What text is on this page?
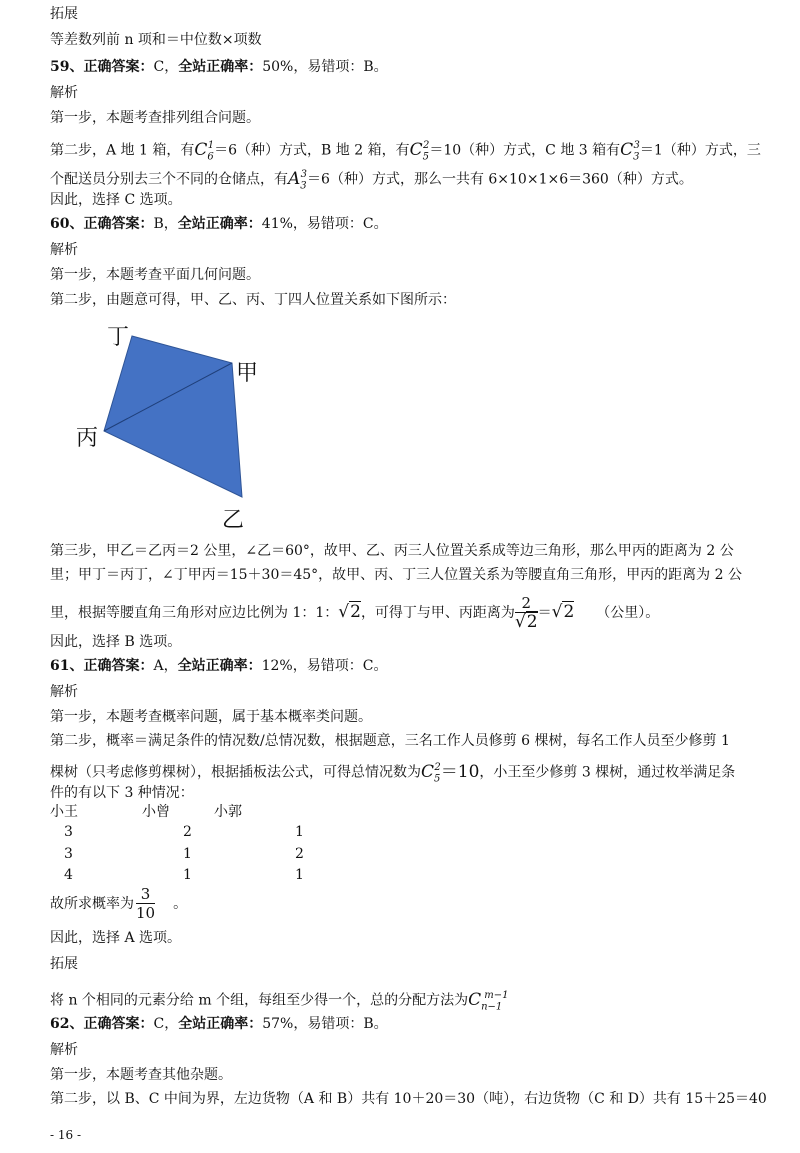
拓展
等差数列前 n 项和＝中位数×项数
59、正确答案：C，全站正确率：50%，易错项：B。
解析
第一步，本题考查排列组合问题。
第二步，A 地 1 箱，有$C_6^1=6$（种）方式，B 地 2 箱，有$C_5^2=10$（种）方式，C 地 3 箱有$C_3^3=1$（种）方式，三
个配送员分别去三个不同的仓储点，有$A_3^3=6$（种）方式，那么一共有 6×10×1×6＝360（种）方式。
因此，选择 C 选项。
60、正确答案：B，全站正确率：41%，易错项：C。
解析
第一步，本题考查平面几何问题。
第二步，由题意可得，甲、乙、丙、丁四人位置关系如下图所示：
丁
甲
丙
乙
第三步，甲乙＝乙丙＝2 公里，∠乙＝60°，故甲、乙、丙三人位置关系成等边三角形，那么甲丙的距离为 2 公
里；甲丁＝丙丁，∠丁甲丙＝15＋30＝45°，故甲、丙、丁三人位置关系为等腰直角三角形，甲丙的距离为 2 公
里，根据等腰直角三角形对应边比例为 1：1：√2，可得丁与甲、丙距离为 $\frac{2}{√2} =√2$ （公里）。
因此，选择 B 选项。
61、正确答案：A，全站正确率：12%，易错项：C。
解析
第一步，本题考查概率问题，属于基本概率类问题。
第二步，概率＝满足条件的情况数/总情况数，根据题意，三名工作人员修剪 6 棵树，每名工作人员至少修剪 1
棵树（只考虑修剪棵树），根据插板法公式，可得总情况数为$C_5^2=10$，小王至少修剪 3 棵树，通过枚举满足条
件的有以下 3 种情况：
小王	小曾	小郭
3	2	1
3	1	2
4	1	1
故所求概率为 $\frac{3}{10}$ 。
因此，选择 A 选项。
拓展
将 n 个相同的元素分给 m 个组，每组至少得一个，总的分配方法为$C_{n-1}^{m-1}$
62、正确答案：C，全站正确率：57%，易错项：B。
解析
第一步，本题考查其他杂题。
第二步，以 B、C 中间为界，左边货物（A 和 B）共有 10＋20＝30（吨），右边货物（C 和 D）共有 15＋25＝40
- 16 -
